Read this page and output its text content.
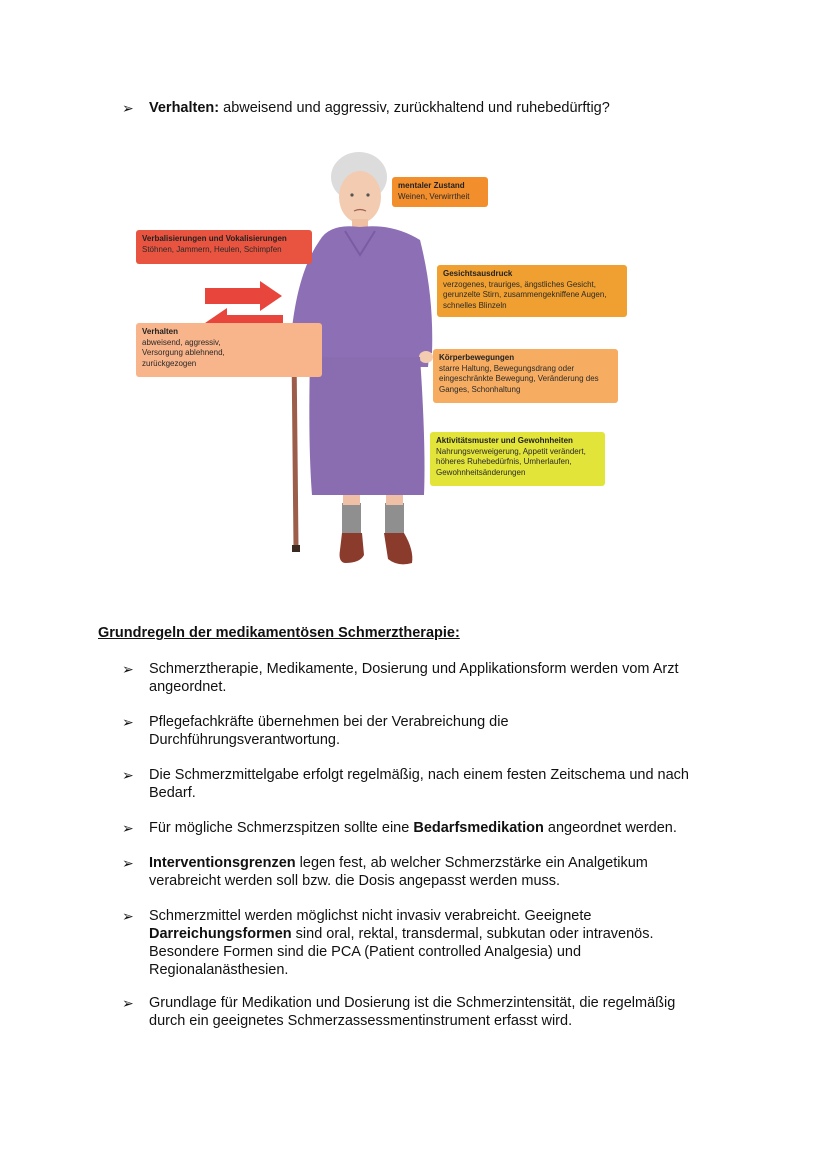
➢ Verhalten: abweisend und aggressiv, zurückhaltend und ruhebedürftig?
mentaler Zustand
Weinen, Verwirrtheit
Verbalisierungen und Vokalisierungen
Stöhnen, Jammern, Heulen, Schimpfen
Verhalten
abweisend, aggressiv,
Versorgung ablehnend,
zurückgezogen
Gesichtsausdruck
verzogenes, trauriges, ängstliches Gesicht,
gerunzelte Stirn, zusammengekniffene Augen,
schnelles Blinzeln
Körperbewegungen
starre Haltung, Bewegungsdrang oder
eingeschränkte Bewegung, Veränderung des
Ganges, Schonhaltung
Aktivitätsmuster und Gewohnheiten
Nahrungsverweigerung, Appetit verändert,
höheres Ruhebedürfnis, Umherlaufen,
Gewohnheitsänderungen
Grundregeln der medikamentösen Schmerztherapie:
➢ Schmerztherapie, Medikamente, Dosierung und Applikationsform werden vom Arzt
angeordnet.
➢ Pflegefachkräfte übernehmen bei der Verabreichung die
Durchführungsverantwortung.
➢ Die Schmerzmittelgabe erfolgt regelmäßig, nach einem festen Zeitschema und nach
Bedarf.
➢ Für mögliche Schmerzspitzen sollte eine Bedarfsmedikation angeordnet werden.
➢ Interventionsgrenzen legen fest, ab welcher Schmerzstärke ein Analgetikum
verabreicht werden soll bzw. die Dosis angepasst werden muss.
➢ Schmerzmittel werden möglichst nicht invasiv verabreicht. Geeignete
Darreichungsformen sind oral, rektal, transdermal, subkutan oder intravenös.
Besondere Formen sind die PCA (Patient controlled Analgesia) und
Regionalanästhesien.
➢ Grundlage für Medikation und Dosierung ist die Schmerzintensität, die regelmäßig
durch ein geeignetes Schmerzassessmentinstrument erfasst wird.
